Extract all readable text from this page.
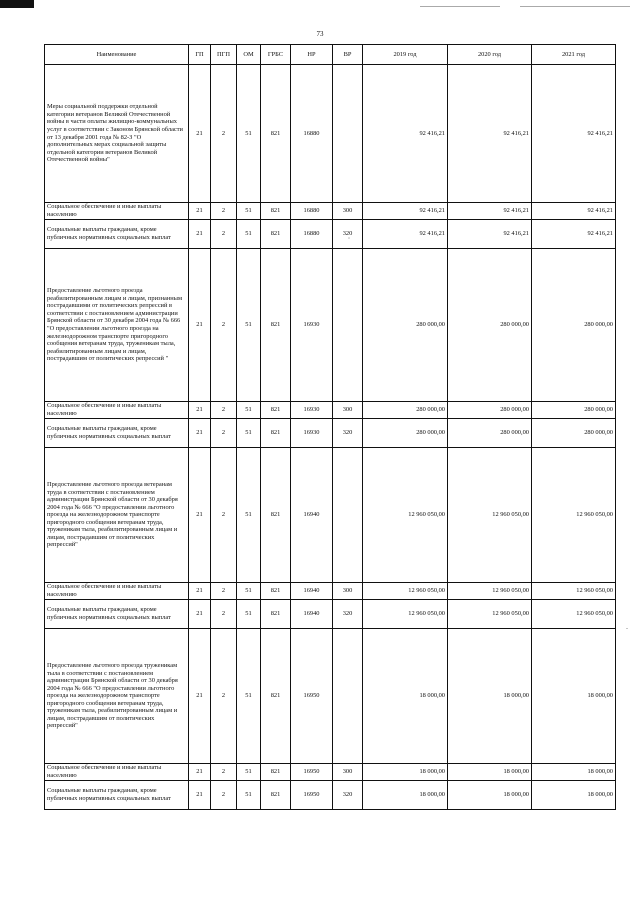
73
Наименование	ГП	ПГП	ОМ	ГРБС	НР	ВР	2019 год	2020 год	2021 год
Меры социальной поддержки отдельной категории ветеранов Великой Отечественной войны в части оплаты жилищно-коммунальных услуг в соответствии с Законом Брянской области от 13 декабря 2001 года № 82-З "О дополнительных мерах социальной защиты отдельной категории ветеранов Великой Отечественной войны"	21	2	51	821	16880		92 416,21	92 416,21	92 416,21
Социальное обеспечение и иные выплаты населению	21	2	51	821	16880	300	92 416,21	92 416,21	92 416,21
Социальные выплаты гражданам, кроме публичных нормативных социальных выплат	21	2	51	821	16880	320	92 416,21	92 416,21	92 416,21
Предоставление льготного проезда реабилитированным лицам и лицам, признанным пострадавшими от политических репрессий в соответствии с постановлением администрации Брянской области от 30 декабря 2004 года № 666 "О предоставлении льготного проезда на железнодорожном транспорте пригородного сообщения ветеранам труда, труженикам тыла, реабилитированным лицам и лицам, пострадавшим от политических репрессий "	21	2	51	821	16930		280 000,00	280 000,00	280 000,00
Социальное обеспечение и иные выплаты населению	21	2	51	821	16930	300	280 000,00	280 000,00	280 000,00
Социальные выплаты гражданам, кроме публичных нормативных социальных выплат	21	2	51	821	16930	320	280 000,00	280 000,00	280 000,00
Предоставление льготного проезда ветеранам труда в соответствии с постановлением администрации Брянской области от 30 декабря 2004 года № 666 "О предоставлении льготного проезда на железнодорожном транспорте пригородного сообщения ветеранам труда, труженикам тыла, реабилитированным лицам и лицам, пострадавшим от политических репрессий"	21	2	51	821	16940		12 960 050,00	12 960 050,00	12 960 050,00
Социальное обеспечение и иные выплаты населению	21	2	51	821	16940	300	12 960 050,00	12 960 050,00	12 960 050,00
Социальные выплаты гражданам, кроме публичных нормативных социальных выплат	21	2	51	821	16940	320	12 960 050,00	12 960 050,00	12 960 050,00
Предоставление льготного проезда труженикам тыла в соответствии с постановлением администрации Брянской области от 30 декабря 2004 года № 666 "О предоставлении льготного проезда на железнодорожном транспорте пригородного сообщения ветеранам труда, труженикам тыла, реабилитированным лицам и лицам, пострадавшим от политических репрессий"	21	2	51	821	16950		18 000,00	18 000,00	18 000,00
Социальное обеспечение и иные выплаты населению	21	2	51	821	16950	300	18 000,00	18 000,00	18 000,00
Социальные выплаты гражданам, кроме публичных нормативных социальных выплат	21	2	51	821	16950	320	18 000,00	18 000,00	18 000,00
ˇ
-
